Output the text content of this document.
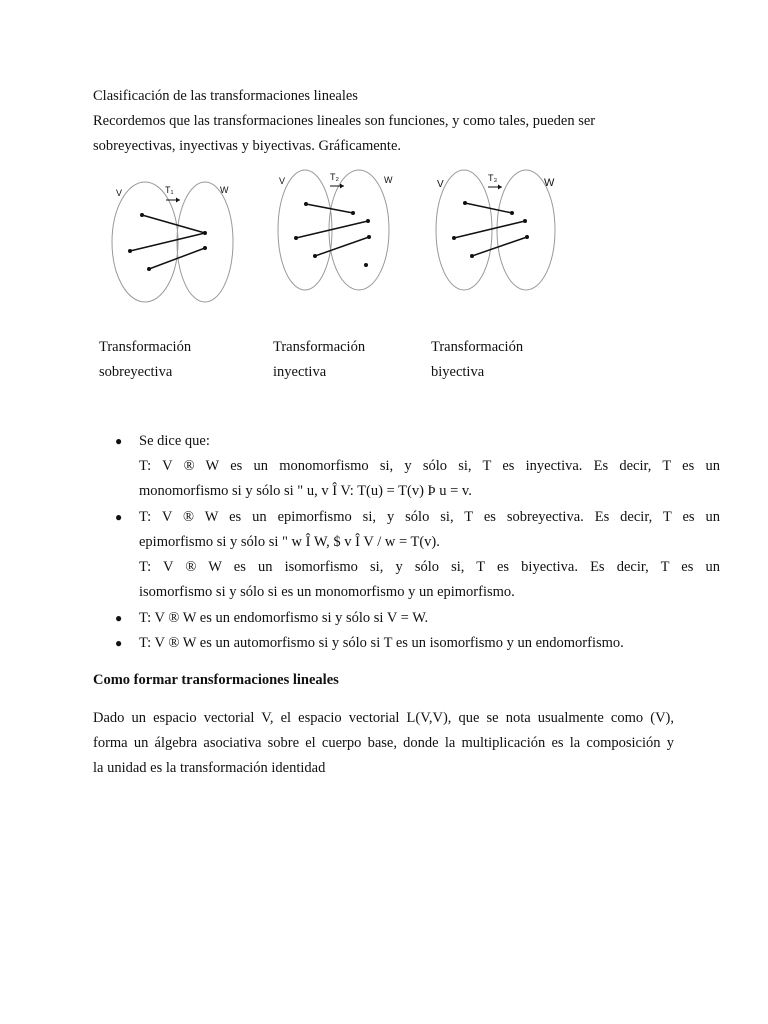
Clasificación de las transformaciones lineales
Recordemos que las transformaciones lineales son funciones, y como tales, pueden ser
sobreyectivas, inyectivas y biyectivas. Gráficamente.
V	T₁	W
V	T₂	W	V
T₃	W
Transformación
sobreyectiva
Transformación
inyectiva
Transformación
biyectiva
● Se dice que:
T: V ® W es un monomorfismo si, y sólo si, T es inyectiva. Es decir, T es un
monomorfismo si y sólo si " u, v Î V: T(u) = T(v) Þ u = v.
● T: V ® W es un epimorfismo si, y sólo si, T es sobreyectiva. Es decir, T es un
epimorfismo si y sólo si " w Î W, $ v Î V / w = T(v).
T: V ® W es un isomorfismo si, y sólo si, T es biyectiva. Es decir, T es un
isomorfismo si y sólo si es un monomorfismo y un epimorfismo.
● T: V ® W es un endomorfismo si y sólo si V = W.
● T: V ® W es un automorfismo si y sólo si T es un isomorfismo y un endomorfismo.
Como formar transformaciones lineales
Dado un espacio vectorial V, el espacio vectorial L(V,V), que se nota usualmente como (V),
forma un álgebra asociativa sobre el cuerpo base, donde la multiplicación es la composición y
la unidad es la transformación identidad
